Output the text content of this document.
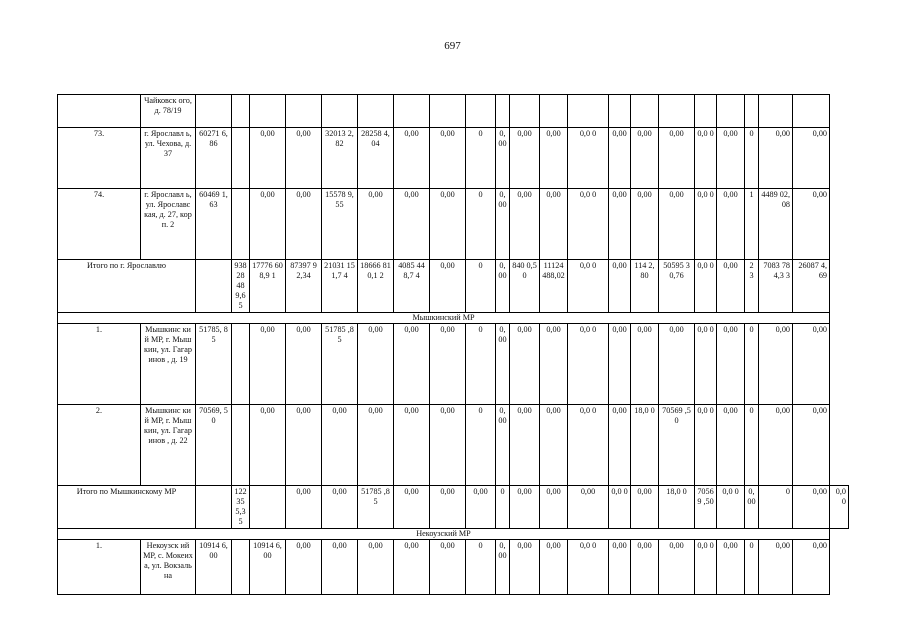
697
	Чайковск ого, д. 78/19																						
73.	г. Ярославл ь, ул. Чехова, д. 37	60271 6,86		0,00	0,00	32013 2,82	28258 4,04	0,00	0,00	0	0,00	0,00	0,00	0,0 0	0,00	0,00	0,00	0,0 0	0,00	0	0,00	0,00	
74.	г. Ярославл ь, ул. Ярославс кая, д. 27, корп. 2	60469 1,63		0,00	0,00	15578 9,55	0,00	0,00	0,00	0	0,00	0,00	0,00	0,0 0	0,00	0,00	0,00	0,0 0	0,00	1	4489 02,08	0,00	
Итого по г. Ярославлю			93828 489,65	17776 608,9 1	87397 92,34	21031 151,7 4	18666 810,1 2	4085 448,7 4	0,00	0	0,00	840 0,50	11124 488,02	0,0 0	0,00	114 2,80	50595 30,76	0,0 0	0,00	2 3	7083 784,3 3	26087 4,69	
Мышкинский МР																							
1.	Мышкинс кий МР, г. Мышкин, ул. Гагаринов , д. 19	51785, 85		0,00	0,00	51785 ,85	0,00	0,00	0,00	0	0,00	0,00	0,00	0,0 0	0,00	0,00	0,00	0,0 0	0,00	0	0,00	0,00	
2.	Мышкинс кий МР, г. Мышкин, ул. Гагаринов , д. 22	70569, 50		0,00	0,00	0,00	0,00	0,00	0,00	0	0,00	0,00	0,00	0,0 0	0,00	18,0 0	70569 ,50	0,0 0	0,00	0	0,00	0,00	
Итого по Мышкинскому МР			12235 5,35		0,00	0,00	51785 ,85	0,00	0,00	0,00	0	0,00	0,00	0,00	0,0 0	0,00	18,0 0	70569 ,50	0,0 0	0,00	0	0,00	0,00
Некоузский МР																							
1.	Некоузск ий МР, с. Мокеиха, ул. Вокзальна	10914 6,00		10914 6,00	0,00	0,00	0,00	0,00	0,00	0	0,00	0,00	0,00	0,0 0	0,00	0,00	0,00	0,0 0	0,00	0	0,00	0,00	
